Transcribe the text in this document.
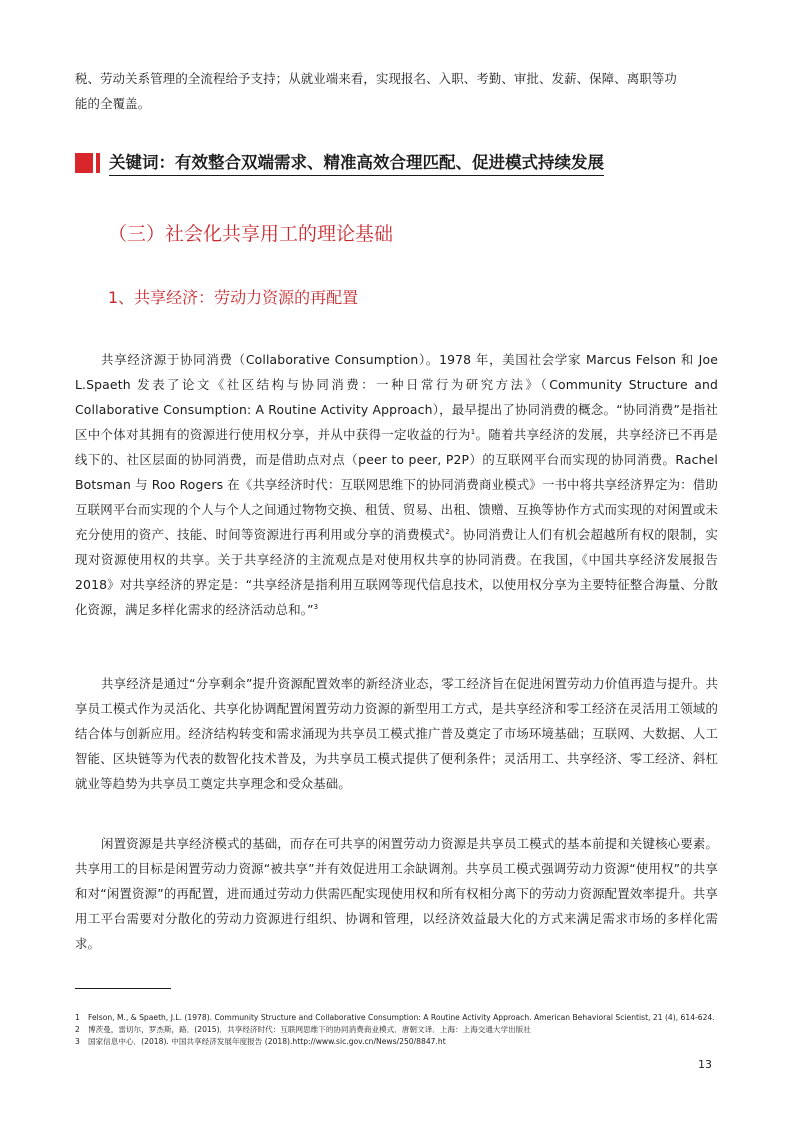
税、劳动关系管理的全流程给予支持；从就业端来看，实现报名、入职、考勤、审批、发薪、保障、离职等功
能的全覆盖。

关键词：有效整合双端需求、精准高效合理匹配、促进模式持续发展
（三）社会化共享用工的理论基础
1、共享经济：劳动力资源的再配置

共享经济源于协同消费（Collaborative Consumption）。1978 年，美国社会学家 Marcus Felson 和 Joe L.Spaeth 发表了论文《社区结构与协同消费：一种日常行为研究方法》（Community Structure and Collaborative Consumption: A Routine Activity Approach），最早提出了协同消费的概念。“协同消费”是指社区中个体对其拥有的资源进行使用权分享，并从中获得一定收益的行为$^1$。随着共享经济的发展，共享经济已不再是线下的、社区层面的协同消费，而是借助点对点（peer to peer, P2P）的互联网平台而实现的协同消费。Rachel Botsman 与 Roo Rogers 在《共享经济时代：互联网思维下的协同消费商业模式》一书中将共享经济界定为：借助互联网平台而实现的个人与个人之间通过物物交换、租赁、贸易、出租、馈赠、互换等协作方式而实现的对闲置或未充分使用的资产、技能、时间等资源进行再利用或分享的消费模式$^2$。协同消费让人们有机会超越所有权的限制，实现对资源使用权的共享。关于共享经济的主流观点是对使用权共享的协同消费。在我国，《中国共享经济发展报告 2018》对共享经济的界定是：“共享经济是指利用互联网等现代信息技术，以使用权分享为主要特征整合海量、分散化资源，满足多样化需求的经济活动总和。”$^3$

共享经济是通过“分享剩余”提升资源配置效率的新经济业态，零工经济旨在促进闲置劳动力价值再造与提升。共享员工模式作为灵活化、共享化协调配置闲置劳动力资源的新型用工方式，是共享经济和零工经济在灵活用工领域的结合体与创新应用。经济结构转变和需求涌现为共享员工模式推广普及奠定了市场环境基础；互联网、大数据、人工智能、区块链等为代表的数智化技术普及，为共享员工模式提供了便利条件；灵活用工、共享经济、零工经济、斜杠就业等趋势为共享员工奠定共享理念和受众基础。

闲置资源是共享经济模式的基础，而存在可共享的闲置劳动力资源是共享员工模式的基本前提和关键核心要素。共享用工的目标是闲置劳动力资源“被共享”并有效促进用工余缺调剂。共享员工模式强调劳动力资源“使用权”的共享和对“闲置资源”的再配置，进而通过劳动力供需匹配实现使用权和所有权相分离下的劳动力资源配置效率提升。共享用工平台需要对分散化的劳动力资源进行组织、协调和管理，以经济效益最大化的方式来满足需求市场的多样化需求。

1 Felson, M., & Spaeth, J.L. (1978). Community Structure and Collaborative Consumption: A Routine Activity Approach. American Behavioral Scientist, 21 (4), 614-624.
2 博茨曼，雷切尔，罗杰斯，路．(2015)．共享经济时代：互联网思维下的协同消费商业模式．唐朝文译．上海：上海交通大学出版社
3 国家信息中心．(2018). 中国共享经济发展年度报告 (2018).http://www.sic.gov.cn/News/250/8847.ht
13
